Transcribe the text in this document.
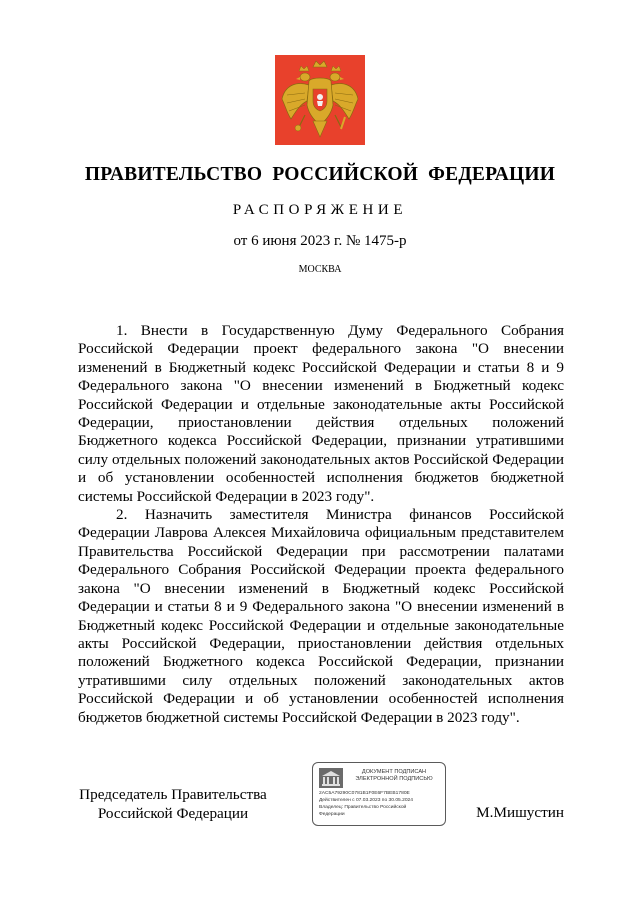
ПРАВИТЕЛЬСТВО РОССИЙСКОЙ ФЕДЕРАЦИИ
РАСПОРЯЖЕНИЕ
от 6 июня 2023 г. № 1475-р
МОСКВА

1. Внести в Государственную Думу Федерального Собрания Российской Федерации проект федерального закона "О внесении изменений в Бюджетный кодекс Российской Федерации и статьи 8 и 9 Федерального закона "О внесении изменений в Бюджетный кодекс Российской Федерации и отдельные законодательные акты Российской Федерации, приостановлении действия отдельных положений Бюджетного кодекса Российской Федерации, признании утратившими силу отдельных положений законодательных актов Российской Федерации и об установлении особенностей исполнения бюджетов бюджетной системы Российской Федерации в 2023 году".

2. Назначить заместителя Министра финансов Российской Федерации Лаврова Алексея Михайловича официальным представителем Правительства Российской Федерации при рассмотрении палатами Федерального Собрания Российской Федерации проекта федерального закона "О внесении изменений в Бюджетный кодекс Российской Федерации и статьи 8 и 9 Федерального закона "О внесении изменений в Бюджетный кодекс Российской Федерации и отдельные законодательные акты Российской Федерации, приостановлении действия отдельных положений Бюджетного кодекса Российской Федерации, признании утратившими силу отдельных положений законодательных актов Российской Федерации и об установлении особенностей исполнения бюджетов бюджетной системы Российской Федерации в 2023 году".

Председатель Правительства
Российской Федерации
ДОКУМЕНТ ПОДПИСАН
ЭЛЕКТРОННОЙ ПОДПИСЬЮ
2AC5A79290C0781B1F0E6F7BEB1780E
Действителен с 07.03.2023 по 30.05.2024
Владелец: Правительство Российской
Федерации	М.Мишустин
